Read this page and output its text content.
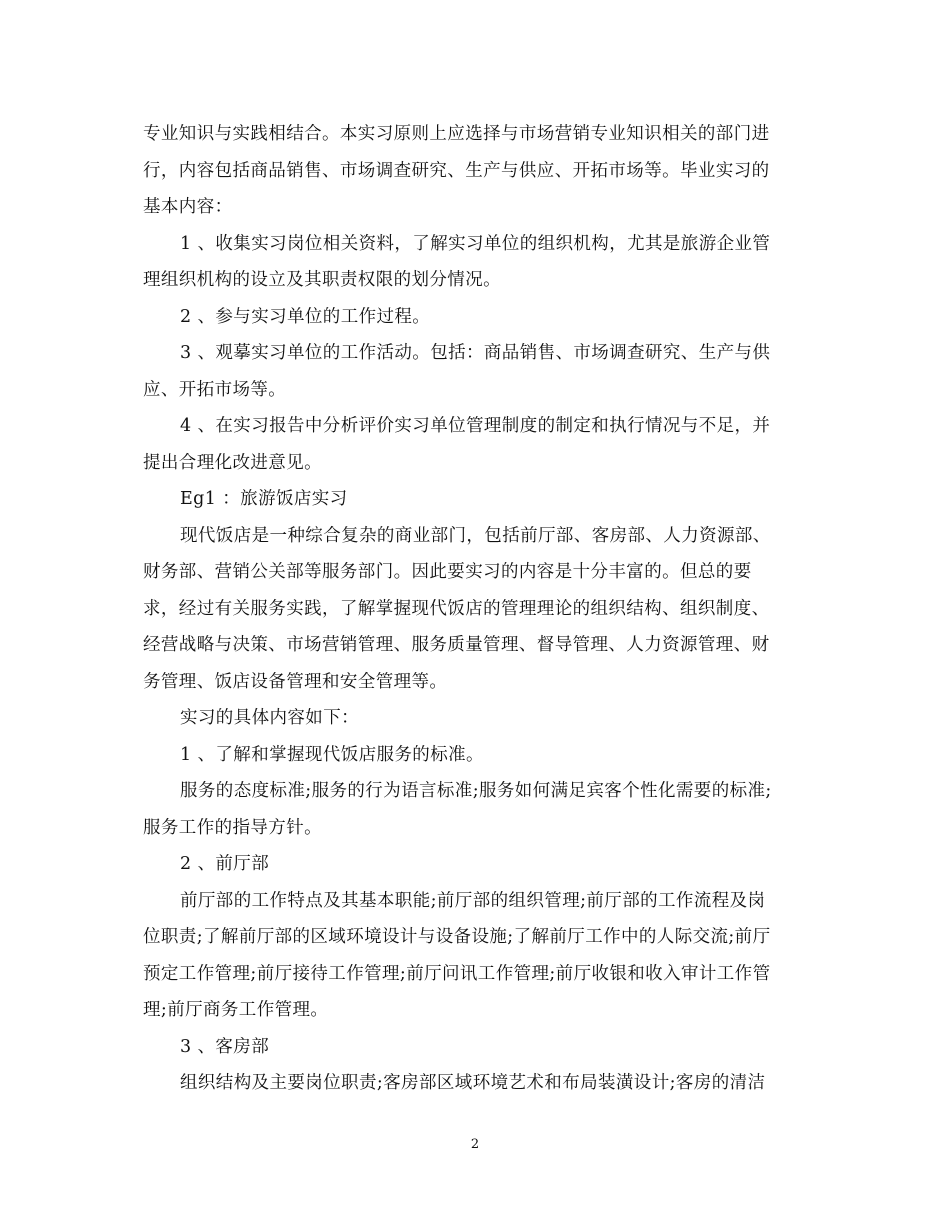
专业知识与实践相结合。本实习原则上应选择与市场营销专业知识相关的部门进
行，内容包括商品销售、市场调查研究、生产与供应、开拓市场等。毕业实习的
基本内容：
1 、收集实习岗位相关资料，了解实习单位的组织机构，尤其是旅游企业管
理组织机构的设立及其职责权限的划分情况。
2 、参与实习单位的工作过程。
3 、观摹实习单位的工作活动。包括：商品销售、市场调查研究、生产与供
应、开拓市场等。
4 、在实习报告中分析评价实习单位管理制度的制定和执行情况与不足，并
提出合理化改进意见。
Eg1 ：旅游饭店实习
现代饭店是一种综合复杂的商业部门，包括前厅部、客房部、人力资源部、
财务部、营销公关部等服务部门。因此要实习的内容是十分丰富的。但总的要
求，经过有关服务实践，了解掌握现代饭店的管理理论的组织结构、组织制度、
经营战略与决策、市场营销管理、服务质量管理、督导管理、人力资源管理、财
务管理、饭店设备管理和安全管理等。
实习的具体内容如下：
1 、了解和掌握现代饭店服务的标准。
服务的态度标准;服务的行为语言标准;服务如何满足宾客个性化需要的标准;
服务工作的指导方针。
2 、前厅部
前厅部的工作特点及其基本职能;前厅部的组织管理;前厅部的工作流程及岗
位职责;了解前厅部的区域环境设计与设备设施;了解前厅工作中的人际交流;前厅
预定工作管理;前厅接待工作管理;前厅问讯工作管理;前厅收银和收入审计工作管
理;前厅商务工作管理。
3 、客房部
组织结构及主要岗位职责;客房部区域环境艺术和布局装潢设计;客房的清洁
2
